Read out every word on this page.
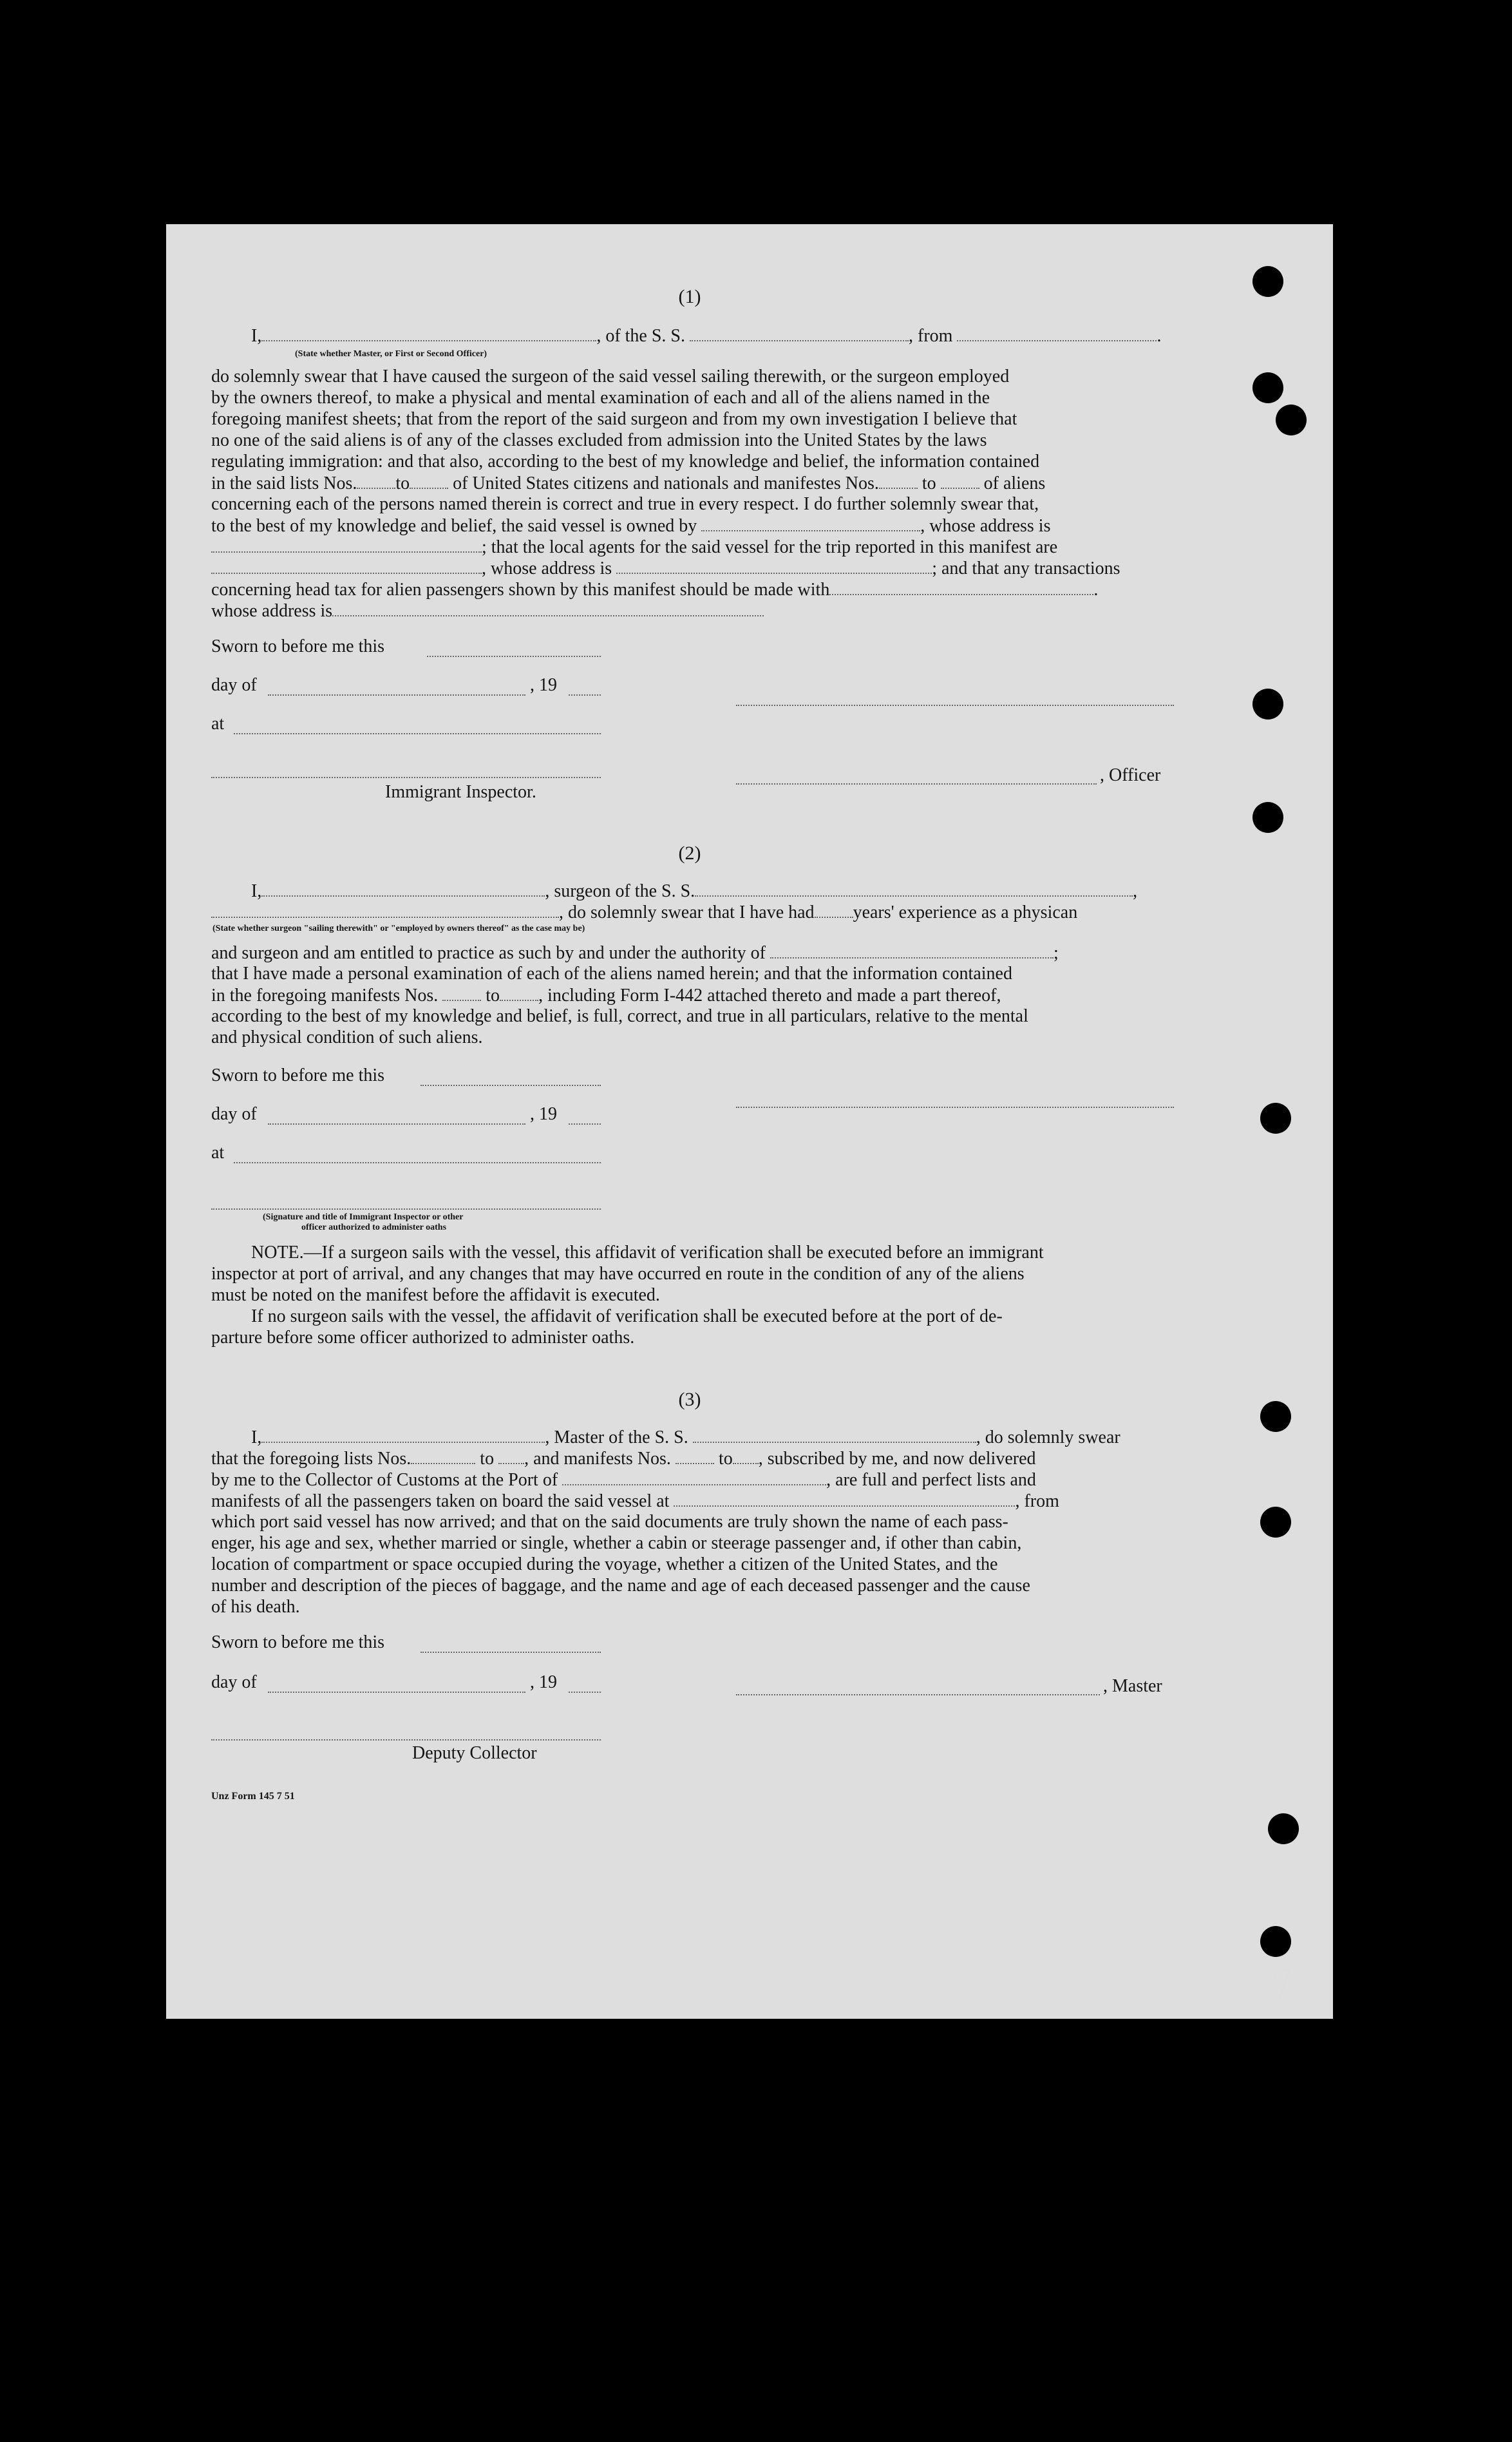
(1)
I,	, of the S. S.	, from	.
(State whether Master, or First or Second Officer)
do solemnly swear that I have caused the surgeon of the said vessel sailing therewith, or the surgeon employed
by the owners thereof, to make a physical and mental examination of each and all of the aliens named in the
foregoing manifest sheets; that from the report of the said surgeon and from my own investigation I believe that
no one of the said aliens is of any of the classes excluded from admission into the United States by the laws
regulating immigration: and that also, according to the best of my knowledge and belief, the information contained
in the said lists Nos. to of United States citizens and nationals and manifestes Nos. to	of aliens
concerning each of the persons named therein is correct and true in every respect. I do further solemnly swear that,
to the best of my knowledge and belief, the said vessel is owned by	, whose address is
; that the local agents for the said vessel for the trip reported in this manifest are
, whose address is	; and that any transactions
concerning head tax for alien passengers shown by this manifest should be made with	.
whose address is
Sworn to before me this
day of	, 19
at
, Officer
Immigrant Inspector.
(2)
I,	, surgeon of the S. S.	,
, do solemnly swear that I have had years' experience as a physican
(State whether surgeon "sailing therewith" or "employed by owners thereof" as the case may be)
and surgeon and am entitled to practice as such by and under the authority of	;
that I have made a personal examination of each of the aliens named herein; and that the information contained
in the foregoing manifests Nos.	to , including Form I-442 attached thereto and made a part thereof,
according to the best of my knowledge and belief, is full, correct, and true in all particulars, relative to the mental
and physical condition of such aliens.
Sworn to before me this
day of	, 19
at
(Signature and title of Immigrant Inspector or other
officer authorized to administer oaths
NOTE.—If a surgeon sails with the vessel, this affidavit of verification shall be executed before an immigrant
inspector at port of arrival, and any changes that may have occurred en route in the condition of any of the aliens
must be noted on the manifest before the affidavit is executed.
If no surgeon sails with the vessel, the affidavit of verification shall be executed before at the port of de-
parture before some officer authorized to administer oaths.
(3)
I,	, Master of the S. S.	, do solemnly swear
that the foregoing lists Nos.	to , and manifests Nos.	to , subscribed by me, and now delivered
by me to the Collector of Customs at the Port of	, are full and perfect lists and
manifests of all the passengers taken on board the said vessel at	, from
which port said vessel has now arrived; and that on the said documents are truly shown the name of each pass-
enger, his age and sex, whether married or single, whether a cabin or steerage passenger and, if other than cabin,
location of compartment or space occupied during the voyage, whether a citizen of the United States, and the
number and description of the pieces of baggage, and the name and age of each deceased passenger and the cause
of his death.
Sworn to before me this
day of	, 19	, Master
Deputy Collector
Unz Form 145 7 51
7
